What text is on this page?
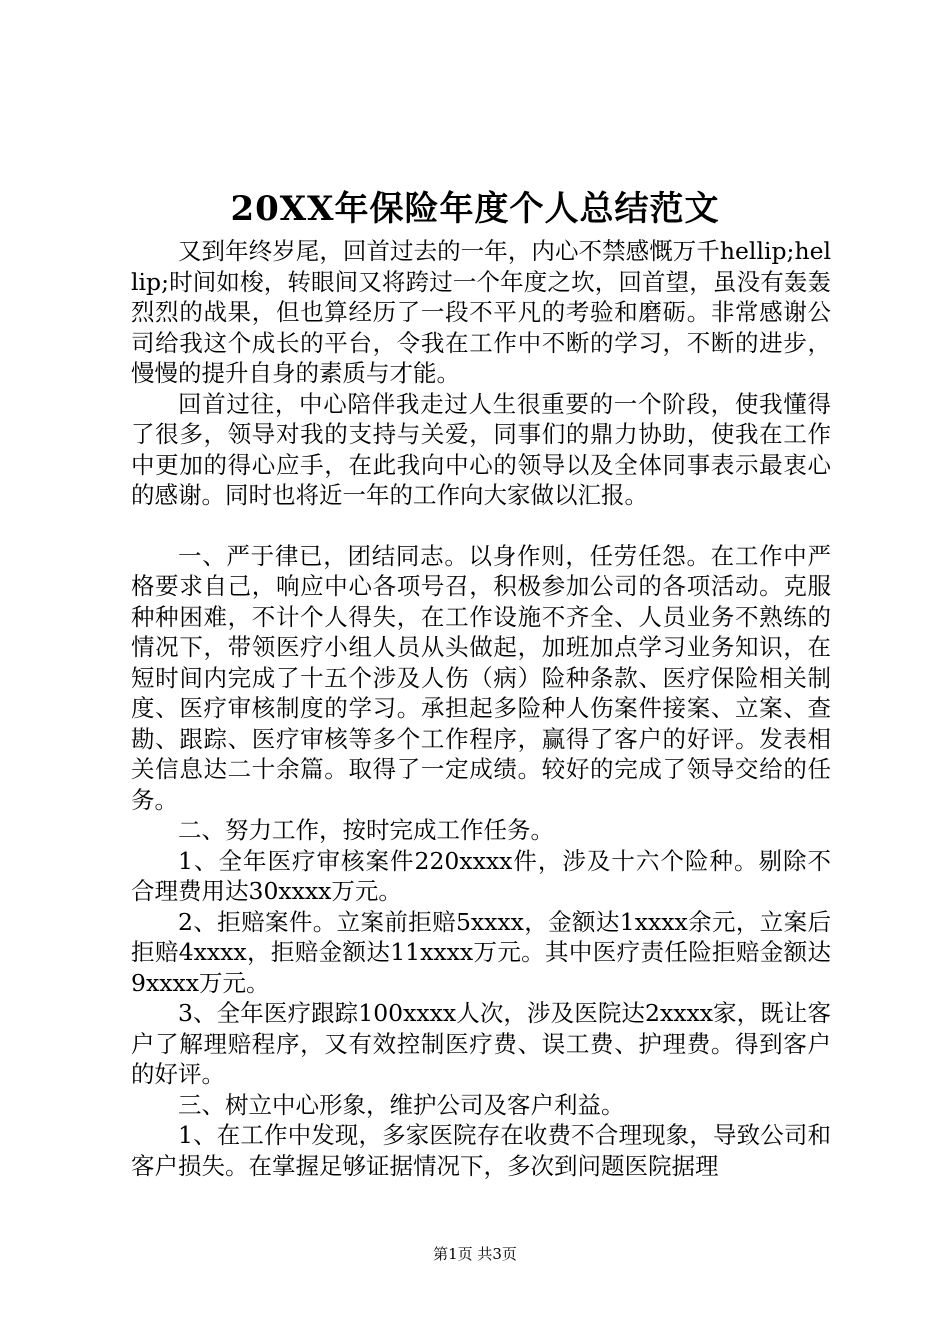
20XX年保险年度个人总结范文

又到年终岁尾，回首过去的一年，内心不禁感慨万千hellip;hellip;时间如梭，转眼间又将跨过一个年度之坎，回首望，虽没有轰轰烈烈的战果，但也算经历了一段不平凡的考验和磨砺。非常感谢公司给我这个成长的平台，令我在工作中不断的学习，不断的进步，慢慢的提升自身的素质与才能。

回首过往，中心陪伴我走过人生很重要的一个阶段，使我懂得了很多，领导对我的支持与关爱，同事们的鼎力协助，使我在工作中更加的得心应手，在此我向中心的领导以及全体同事表示最衷心的感谢。同时也将近一年的工作向大家做以汇报。

一、严于律已，团结同志。以身作则，任劳任怨。在工作中严格要求自己，响应中心各项号召，积极参加公司的各项活动。克服种种困难，不计个人得失，在工作设施不齐全、人员业务不熟练的情况下，带领医疗小组人员从头做起，加班加点学习业务知识，在短时间内完成了十五个涉及人伤（病）险种条款、医疗保险相关制度、医疗审核制度的学习。承担起多险种人伤案件接案、立案、查勘、跟踪、医疗审核等多个工作程序，赢得了客户的好评。发表相关信息达二十余篇。取得了一定成绩。较好的完成了领导交给的任务。

二、努力工作，按时完成工作任务。

1、全年医疗审核案件220xxxx件，涉及十六个险种。剔除不合理费用达30xxxx万元。

2、拒赔案件。立案前拒赔5xxxx，金额达1xxxx余元，立案后拒赔4xxxx，拒赔金额达11xxxx万元。其中医疗责任险拒赔金额达9xxxx万元。

3、全年医疗跟踪100xxxx人次，涉及医院达2xxxx家，既让客户了解理赔程序，又有效控制医疗费、误工费、护理费。得到客户的好评。

三、树立中心形象，维护公司及客户利益。

1、在工作中发现，多家医院存在收费不合理现象，导致公司和客户损失。在掌握足够证据情况下，多次到问题医院据理

第1页 共3页
